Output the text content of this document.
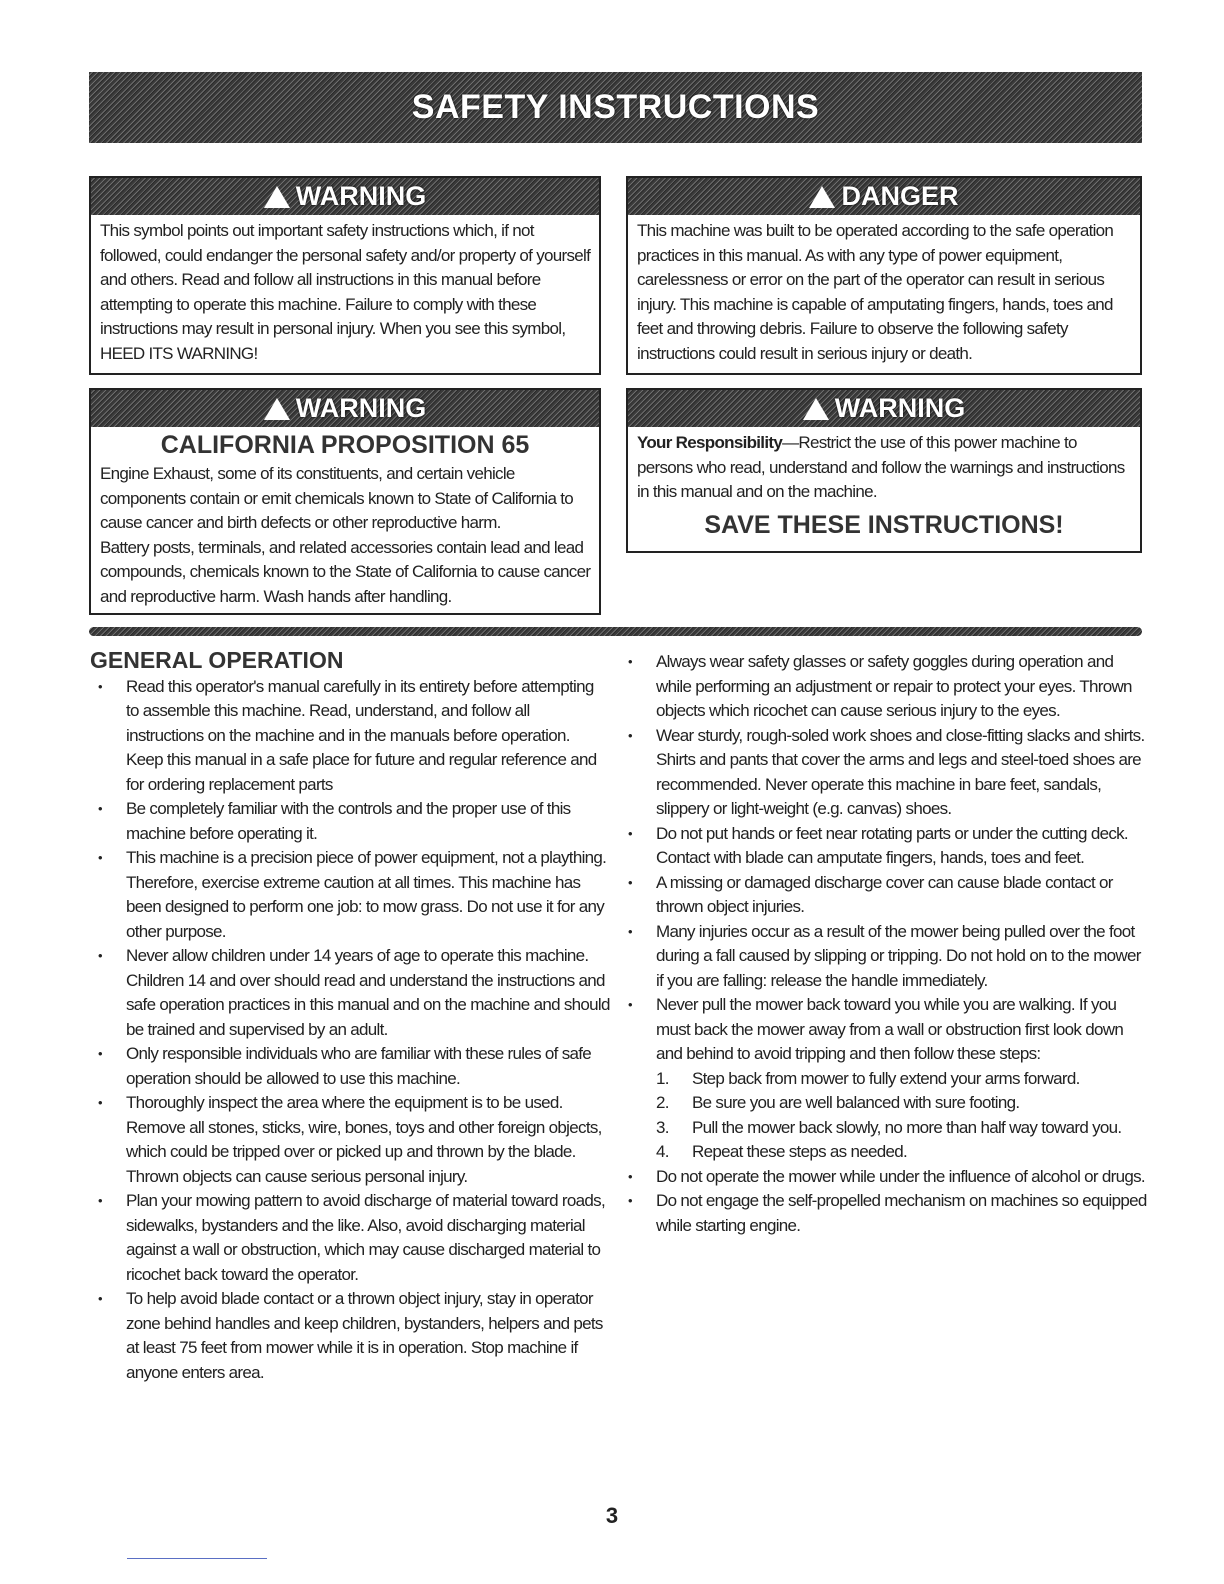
SAFETY INSTRUCTIONS
WARNING
This symbol points out important safety instructions which, if not followed, could endanger the personal safety and/or property of yourself and others. Read and follow all instructions in this manual before attempting to operate this machine. Failure to comply with these instructions may result in personal injury. When you see this symbol, HEED ITS WARNING!
DANGER
This machine was built to be operated according to the safe operation practices in this manual. As with any type of power equipment, carelessness or error on the part of the operator can result in serious injury. This machine is capable of amputating fingers, hands, toes and feet and throwing debris. Failure to observe the following safety instructions could result in serious injury or death.
WARNING
CALIFORNIA PROPOSITION 65
Engine Exhaust, some of its constituents, and certain vehicle components contain or emit chemicals known to State of California to cause cancer and birth defects or other reproductive harm.
Battery posts, terminals, and related accessories contain lead and lead compounds, chemicals known to the State of California to cause cancer and reproductive harm. Wash hands after handling.
WARNING
Your Responsibility—Restrict the use of this power machine to persons who read, understand and follow the warnings and instructions in this manual and on the machine.
SAVE THESE INSTRUCTIONS!
GENERAL OPERATION
• Read this operator's manual carefully in its entirety before attempting to assemble this machine. Read, understand, and follow all instructions on the machine and in the manuals before operation. Keep this manual in a safe place for future and regular reference and for ordering replacement parts
• Be completely familiar with the controls and the proper use of this machine before operating it.
• This machine is a precision piece of power equipment, not a plaything. Therefore, exercise extreme caution at all times. This machine has been designed to perform one job: to mow grass. Do not use it for any other purpose.
• Never allow children under 14 years of age to operate this machine. Children 14 and over should read and understand the instructions and safe operation practices in this manual and on the machine and should be trained and supervised by an adult.
• Only responsible individuals who are familiar with these rules of safe operation should be allowed to use this machine.
• Thoroughly inspect the area where the equipment is to be used. Remove all stones, sticks, wire, bones, toys and other foreign objects, which could be tripped over or picked up and thrown by the blade. Thrown objects can cause serious personal injury.
• Plan your mowing pattern to avoid discharge of material toward roads, sidewalks, bystanders and the like. Also, avoid discharging material against a wall or obstruction, which may cause discharged material to ricochet back toward the operator.
• To help avoid blade contact or a thrown object injury, stay in operator zone behind handles and keep children, bystanders, helpers and pets at least 75 feet from mower while it is in operation. Stop machine if anyone enters area.
• Always wear safety glasses or safety goggles during operation and while performing an adjustment or repair to protect your eyes. Thrown objects which ricochet can cause serious injury to the eyes.
• Wear sturdy, rough-soled work shoes and close-fitting slacks and shirts. Shirts and pants that cover the arms and legs and steel-toed shoes are recommended. Never operate this machine in bare feet, sandals, slippery or light-weight (e.g. canvas) shoes.
• Do not put hands or feet near rotating parts or under the cutting deck. Contact with blade can amputate fingers, hands, toes and feet.
• A missing or damaged discharge cover can cause blade contact or thrown object injuries.
• Many injuries occur as a result of the mower being pulled over the foot during a fall caused by slipping or tripping. Do not hold on to the mower if you are falling: release the handle immediately.
• Never pull the mower back toward you while you are walking. If you must back the mower away from a wall or obstruction first look down and behind to avoid tripping and then follow these steps:
1.	Step back from mower to fully extend your arms forward.
2.	Be sure you are well balanced with sure footing.
3.	Pull the mower back slowly, no more than half way toward you.
4.	Repeat these steps as needed.
• Do not operate the mower while under the influence of alcohol or drugs.
• Do not engage the self-propelled mechanism on machines so equipped while starting engine.
3
